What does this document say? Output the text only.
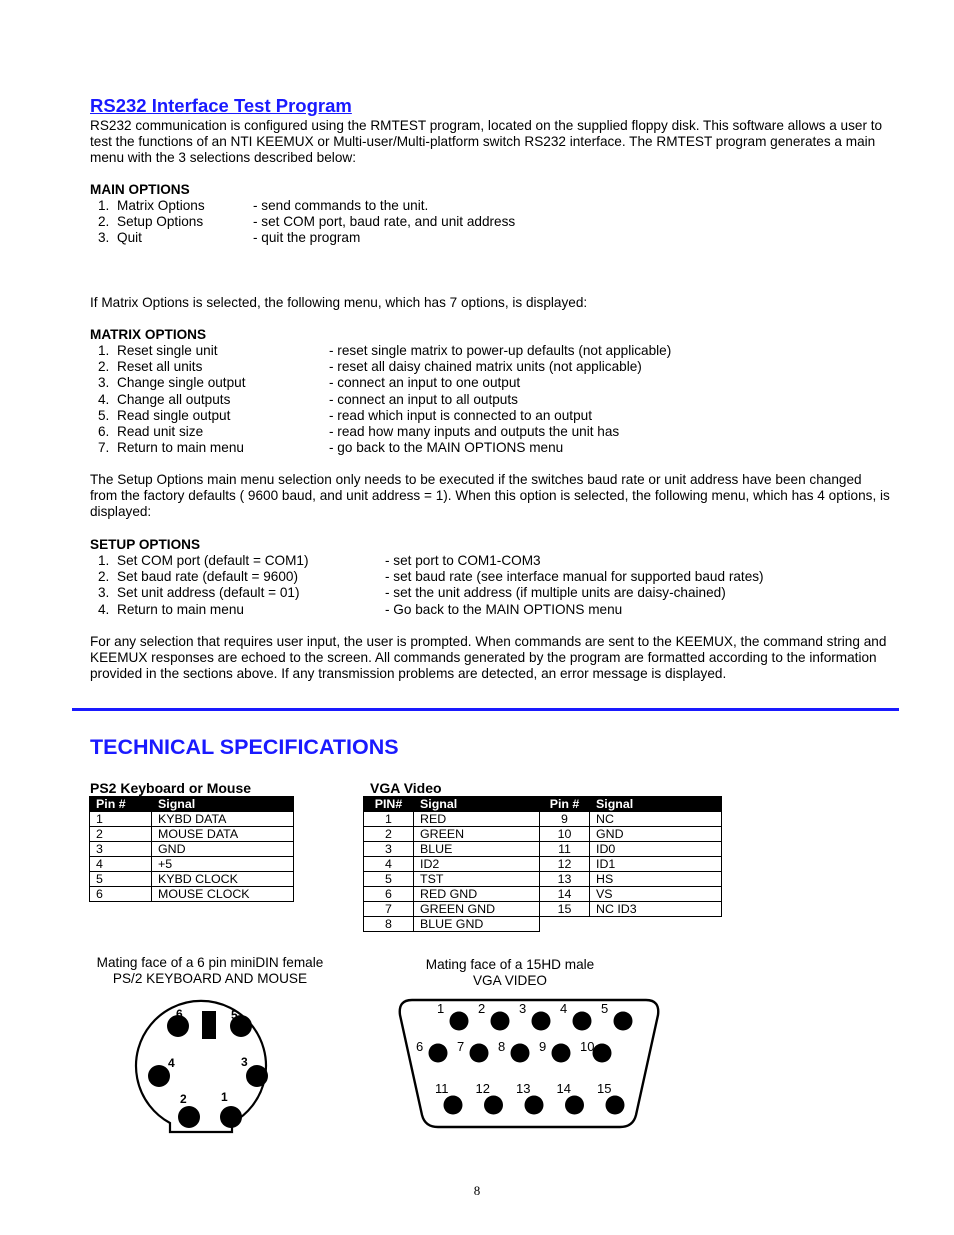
RS232 Interface Test Program
RS232 communication is configured using the RMTEST program, located on the supplied floppy disk. This software allows a user to test the functions of an NTI KEEMUX or Multi-user/Multi-platform switch RS232 interface. The RMTEST program generates a main menu with the 3 selections described below:
MAIN OPTIONS
1. Matrix Options	- send commands to the unit.
2. Setup Options	- set COM port, baud rate, and unit address
3. Quit	- quit the program
If Matrix Options is selected, the following menu, which has 7 options, is displayed:
MATRIX OPTIONS
1. Reset single unit	- reset single matrix to power-up defaults (not applicable)
2. Reset all units	- reset all daisy chained matrix units (not applicable)
3. Change single output	- connect an input to one output
4. Change all outputs	- connect an input to all outputs
5. Read single output	- read which input is connected to an output
6. Read unit size	- read how many inputs and outputs the unit has
7. Return to main menu	- go back to the MAIN OPTIONS menu
The Setup Options main menu selection only needs to be executed if the switches baud rate or unit address have been changed from the factory defaults ( 9600 baud, and unit address = 1). When this option is selected, the following menu, which has 4 options, is displayed:
SETUP OPTIONS
1. Set COM port (default = COM1)	- set port to COM1-COM3
2. Set baud rate (default = 9600)	- set baud rate (see interface manual for supported baud rates)
3. Set unit address (default = 01)	- set the unit address (if multiple units are daisy-chained)
4. Return to main menu	- Go back to the MAIN OPTIONS menu
For any selection that requires user input, the user is prompted. When commands are sent to the KEEMUX, the command string and KEEMUX responses are echoed to the screen. All commands generated by the program are formatted according to the information provided in the sections above. If any transmission problems are detected, an error message is displayed.
TECHNICAL SPECIFICATIONS
PS2 Keyboard or Mouse	VGA Video
Pin #	Signal
1	KYBD DATA
2	MOUSE DATA
3	GND
4	+5
5	KYBD CLOCK
6	MOUSE CLOCK
PIN#	Signal	Pin #	Signal
1	RED	9	NC
2	GREEN	10	GND
3	BLUE	11	ID0
4	ID2	12	ID1
5	TST	13	HS
6	RED GND	14	VS
7	GREEN GND	15	NC ID3
8	BLUE GND		
Mating face of a 6 pin miniDIN female
PS/2 KEYBOARD AND MOUSE
Mating face of a 15HD male
VGA VIDEO
6	5
4	3
2	1
1	2	3	4	5
6	7	8	9	10
11 12 13 14 15
8
